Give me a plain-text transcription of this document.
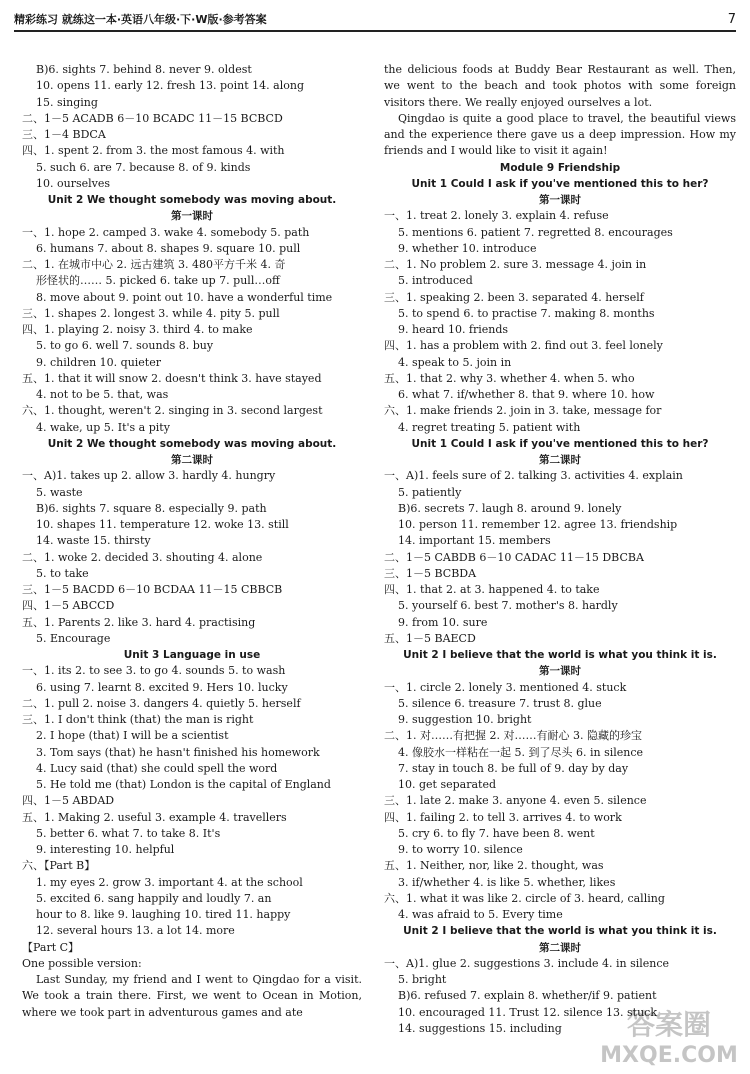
精彩练习 就练这一本·英语八年级·下·W版·参考答案	7
B)6. sights 7. behind 8. never 9. oldest
10. opens 11. early 12. fresh 13. point 14. along
15. singing
二、1－5 ACADB 6－10 BCADC 11－15 BCBCD
三、1－4 BDCA
四、1. spent 2. from 3. the most famous 4. with
5. such 6. are 7. because 8. of 9. kinds
10. ourselves
Unit 2 We thought somebody was moving about.
第一课时
一、1. hope 2. camped 3. wake 4. somebody 5. path
6. humans 7. about 8. shapes 9. square 10. pull
二、1. 在城市中心 2. 远古建筑 3. 480平方千米 4. 奇
形怪状的…… 5. picked 6. take up 7. pull…off
8. move about 9. point out 10. have a wonderful time
三、1. shapes 2. longest 3. while 4. pity 5. pull
四、1. playing 2. noisy 3. third 4. to make
5. to go 6. well 7. sounds 8. buy
9. children 10. quieter
五、1. that it will snow 2. doesn't think 3. have stayed
4. not to be 5. that, was
六、1. thought, weren't 2. singing in 3. second largest
4. wake, up 5. It's a pity
Unit 2 We thought somebody was moving about.
第二课时
一、A)1. takes up 2. allow 3. hardly 4. hungry
5. waste
B)6. sights 7. square 8. especially 9. path
10. shapes 11. temperature 12. woke 13. still
14. waste 15. thirsty
二、1. woke 2. decided 3. shouting 4. alone
5. to take
三、1－5 BACDD 6－10 BCDAA 11－15 CBBCB
四、1－5 ABCCD
五、1. Parents 2. like 3. hard 4. practising
5. Encourage
Unit 3 Language in use
一、1. its 2. to see 3. to go 4. sounds 5. to wash
6. using 7. learnt 8. excited 9. Hers 10. lucky
二、1. pull 2. noise 3. dangers 4. quietly 5. herself
三、1. I don't think (that) the man is right
2. I hope (that) I will be a scientist
3. Tom says (that) he hasn't finished his homework
4. Lucy said (that) she could spell the word
5. He told me (that) London is the capital of England
四、1－5 ABDAD
五、1. Making 2. useful 3. example 4. travellers
5. better 6. what 7. to take 8. It's
9. interesting 10. helpful
六、【Part B】
1. my eyes 2. grow 3. important 4. at the school
5. excited 6. sang happily and loudly 7. an
hour to 8. like 9. laughing 10. tired 11. happy
12. several hours 13. a lot 14. more
【Part C】
One possible version:
Last Sunday, my friend and I went to Qingdao for a visit. We took a train there. First, we went to Ocean in Motion, where we took part in adventurous games and ate
the delicious foods at Buddy Bear Restaurant as well. Then, we went to the beach and took photos with some foreign visitors there. We really enjoyed ourselves a lot.
Qingdao is quite a good place to travel, the beautiful views and the experience there gave us a deep impression. How my friends and I would like to visit it again!
Module 9 Friendship
Unit 1 Could I ask if you've mentioned this to her?
第一课时
一、1. treat 2. lonely 3. explain 4. refuse
5. mentions 6. patient 7. regretted 8. encourages
9. whether 10. introduce
二、1. No problem 2. sure 3. message 4. join in
5. introduced
三、1. speaking 2. been 3. separated 4. herself
5. to spend 6. to practise 7. making 8. months
9. heard 10. friends
四、1. has a problem with 2. find out 3. feel lonely
4. speak to 5. join in
五、1. that 2. why 3. whether 4. when 5. who
6. what 7. if/whether 8. that 9. where 10. how
六、1. make friends 2. join in 3. take, message for
4. regret treating 5. patient with
Unit 1 Could I ask if you've mentioned this to her?
第二课时
一、A)1. feels sure of 2. talking 3. activities 4. explain
5. patiently
B)6. secrets 7. laugh 8. around 9. lonely
10. person 11. remember 12. agree 13. friendship
14. important 15. members
二、1－5 CABDB 6－10 CADAC 11－15 DBCBA
三、1－5 BCBDA
四、1. that 2. at 3. happened 4. to take
5. yourself 6. best 7. mother's 8. hardly
9. from 10. sure
五、1－5 BAECD
Unit 2 I believe that the world is what you think it is.
第一课时
一、1. circle 2. lonely 3. mentioned 4. stuck
5. silence 6. treasure 7. trust 8. glue
9. suggestion 10. bright
二、1. 对……有把握 2. 对……有耐心 3. 隐藏的珍宝
4. 像胶水一样粘在一起 5. 到了尽头 6. in silence
7. stay in touch 8. be full of 9. day by day
10. get separated
三、1. late 2. make 3. anyone 4. even 5. silence
四、1. failing 2. to tell 3. arrives 4. to work
5. cry 6. to fly 7. have been 8. went
9. to worry 10. silence
五、1. Neither, nor, like 2. thought, was
3. if/whether 4. is like 5. whether, likes
六、1. what it was like 2. circle of 3. heard, calling
4. was afraid to 5. Every time
Unit 2 I believe that the world is what you think it is.
第二课时
一、A)1. glue 2. suggestions 3. include 4. in silence
5. bright
B)6. refused 7. explain 8. whether/if 9. patient
10. encouraged 11. Trust 12. silence 13. stuck
14. suggestions 15. including	答案圈
MXQE.COM
